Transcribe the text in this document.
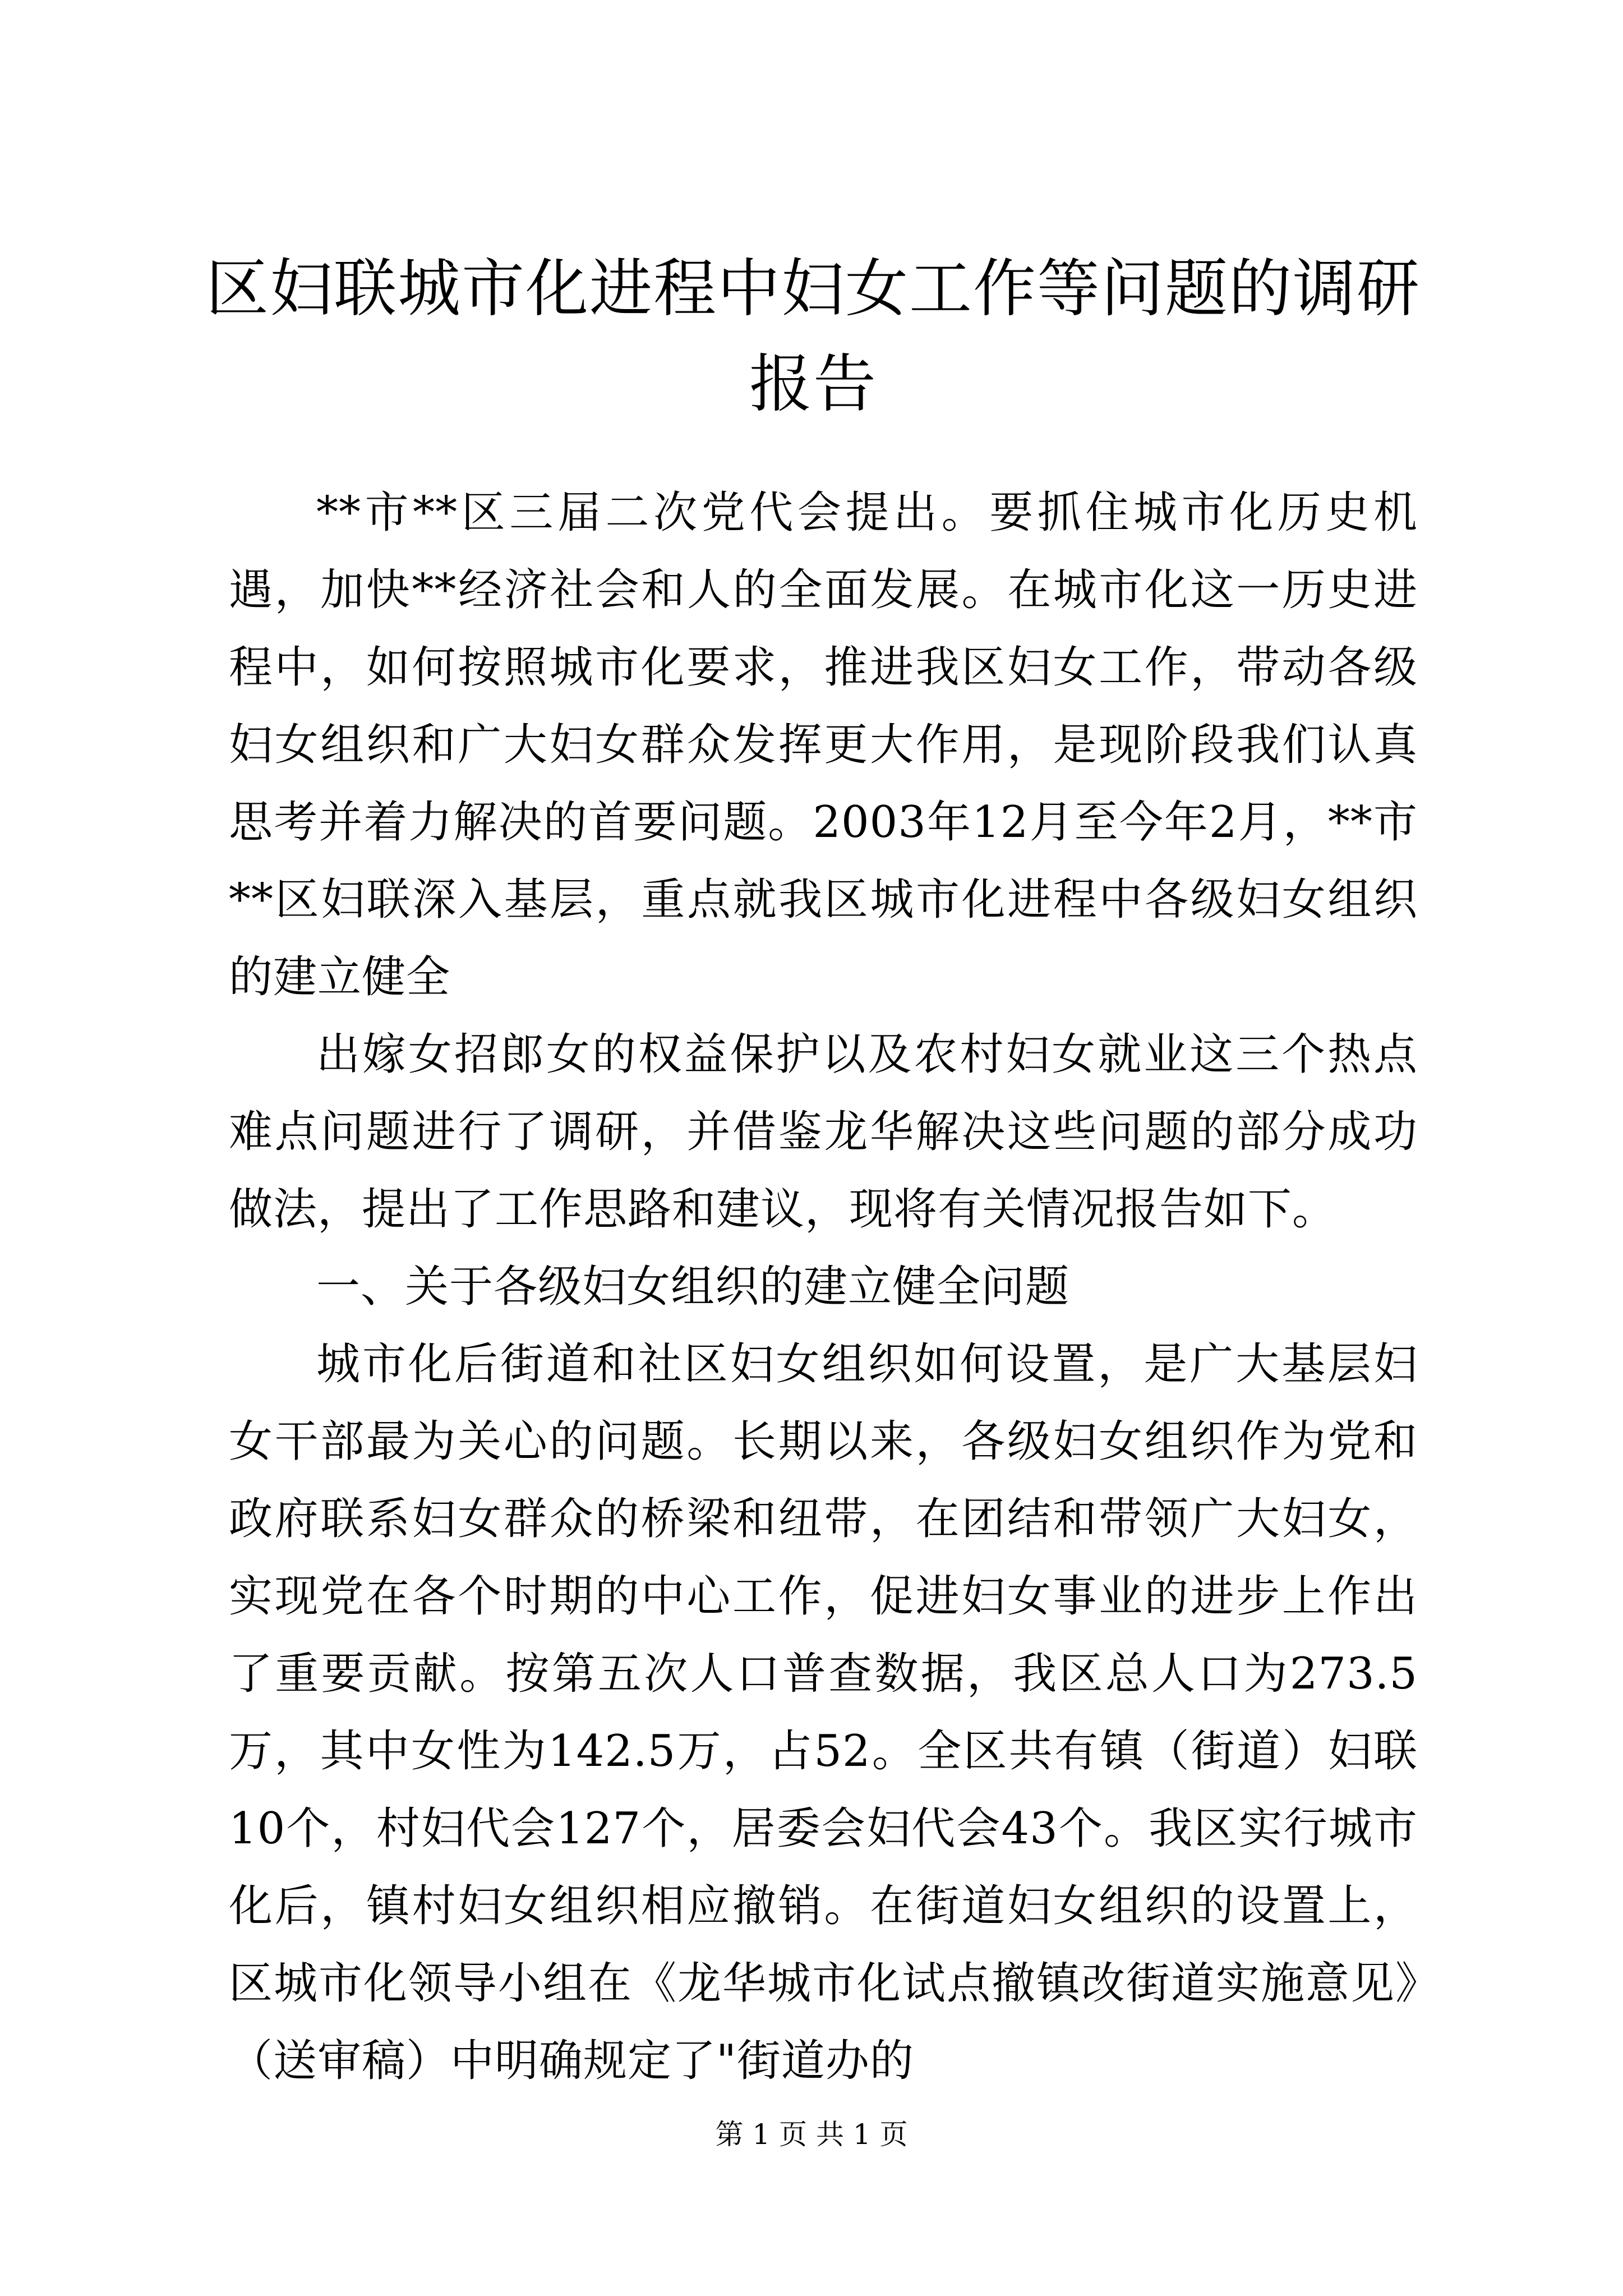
区妇联城市化进程中妇女工作等问题的调研报告

**市**区三届二次党代会提出。要抓住城市化历史机遇，加快**经济社会和人的全面发展。在城市化这一历史进程中，如何按照城市化要求，推进我区妇女工作，带动各级妇女组织和广大妇女群众发挥更大作用，是现阶段我们认真思考并着力解决的首要问题。2003年12月至今年2月，**市**区妇联深入基层，重点就我区城市化进程中各级妇女组织的建立健全

出嫁女招郎女的权益保护以及农村妇女就业这三个热点难点问题进行了调研，并借鉴龙华解决这些问题的部分成功做法，提出了工作思路和建议，现将有关情况报告如下。

一、关于各级妇女组织的建立健全问题

城市化后街道和社区妇女组织如何设置，是广大基层妇女干部最为关心的问题。长期以来，各级妇女组织作为党和政府联系妇女群众的桥梁和纽带，在团结和带领广大妇女，实现党在各个时期的中心工作，促进妇女事业的进步上作出了重要贡献。按第五次人口普查数据，我区总人口为273.5万，其中女性为142.5万，占52。全区共有镇（街道）妇联10个，村妇代会127个，居委会妇代会43个。我区实行城市化后，镇村妇女组织相应撤销。在街道妇女组织的设置上，区城市化领导小组在《龙华城市化试点撤镇改街道实施意见》（送审稿）中明确规定了"街道办的

第 1 页 共 1 页
